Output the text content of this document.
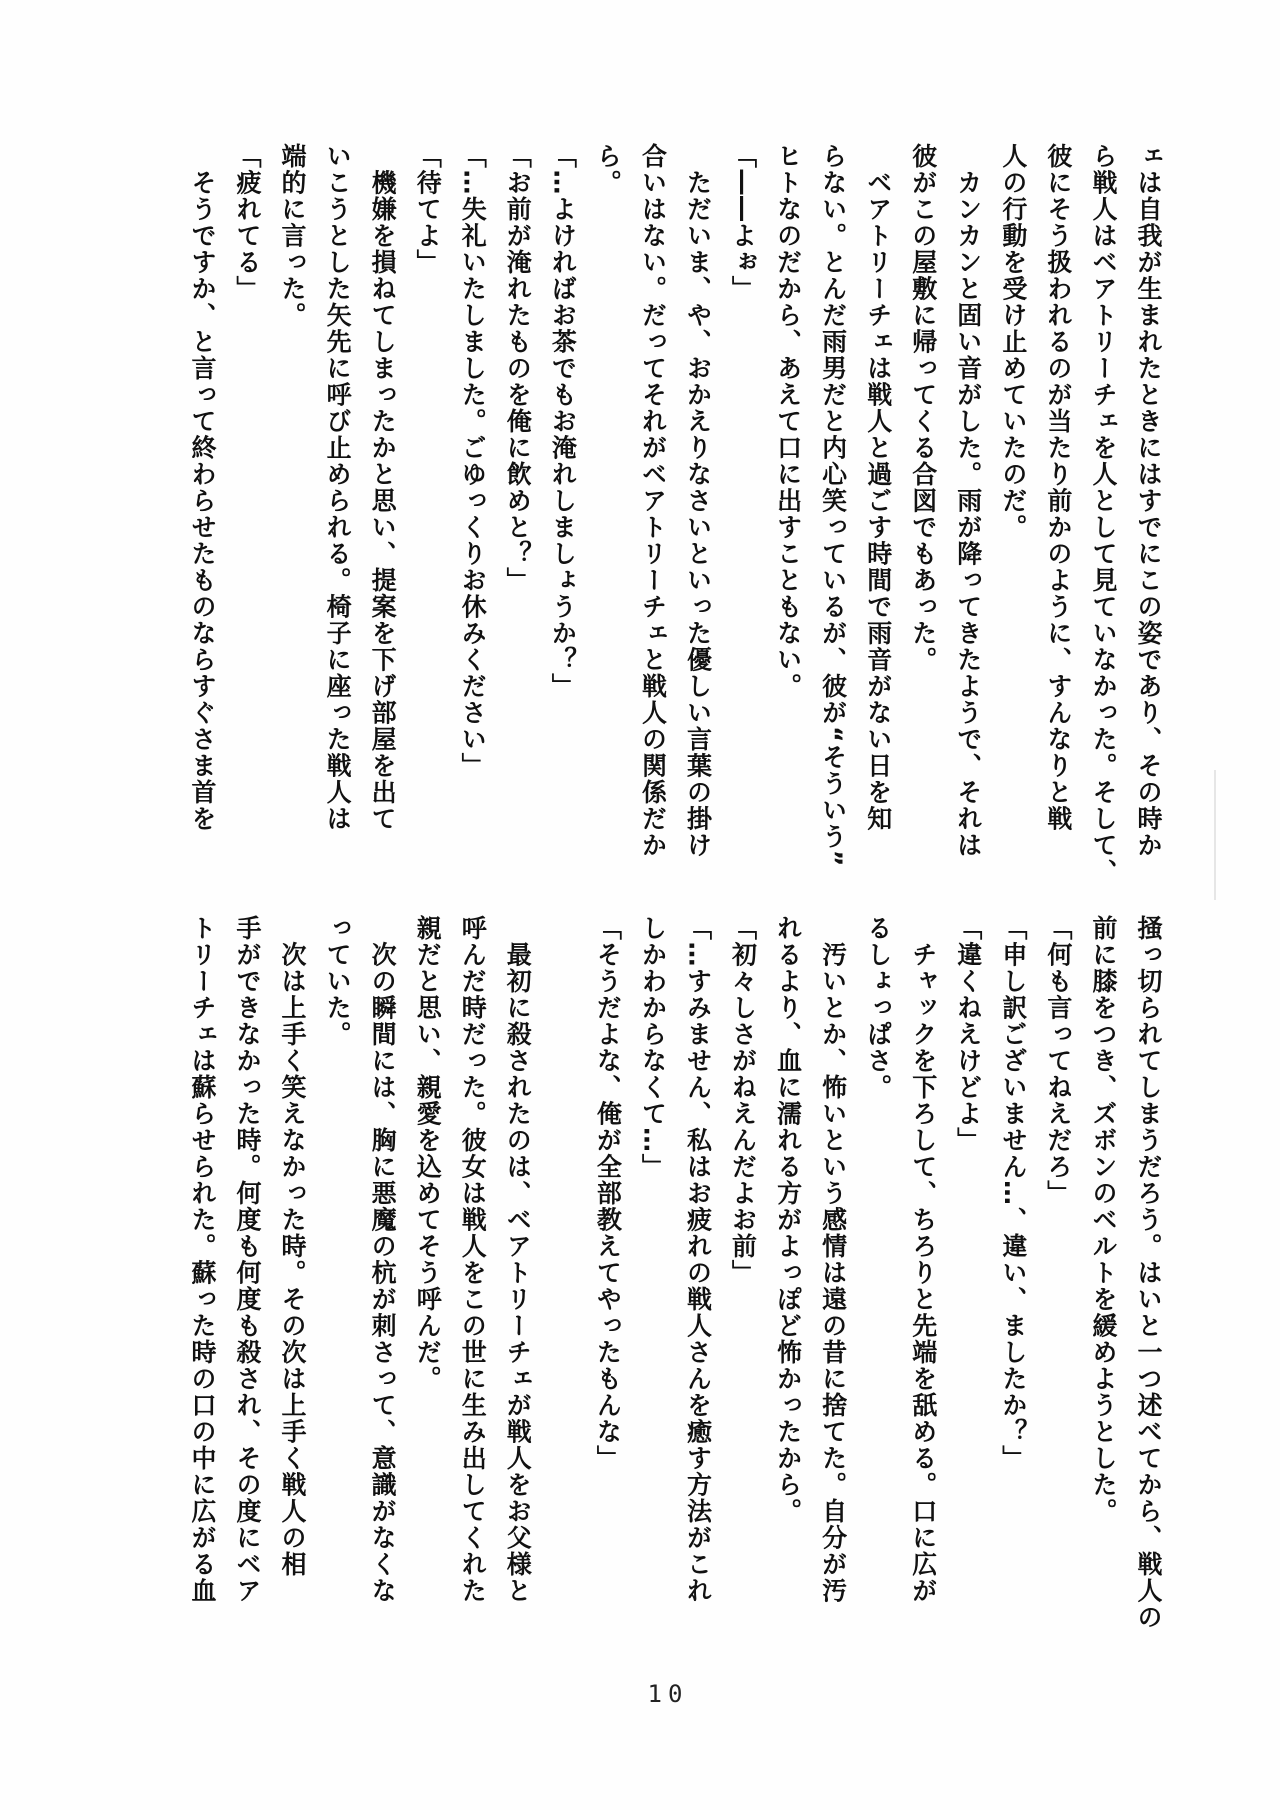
ェは自我が生まれたときにはすでにこの姿であり、その時か
ら戦人はベアトリーチェを人として見ていなかった。そして、
彼にそう扱われるのが当たり前かのように、すんなりと戦
人の行動を受け止めていたのだ。
　カンカンと固い音がした。雨が降ってきたようで、それは
彼がこの屋敷に帰ってくる合図でもあった。
　ベアトリーチェは戦人と過ごす時間で雨音がない日を知
らない。とんだ雨男だと内心笑っているが、彼が“そういう”
ヒトなのだから、あえて口に出すこともない。
「――よぉ」
　ただいま、や、おかえりなさいといった優しい言葉の掛け
合いはない。だってそれがベアトリーチェと戦人の関係だか
ら。
「…よければお茶でもお淹れしましょうか？」
「お前が淹れたものを俺に飲めと？」
「…失礼いたしました。ごゆっくりお休みください」
「待てよ」
　機嫌を損ねてしまったかと思い、提案を下げ部屋を出て
いこうとした矢先に呼び止められる。椅子に座った戦人は
端的に言った。
「疲れてる」
　そうですか、と言って終わらせたものならすぐさま首を
掻っ切られてしまうだろう。はいと一つ述べてから、戦人の
前に膝をつき、ズボンのベルトを緩めようとした。
「何も言ってねえだろ」
「申し訳ございません…、違い、ましたか？」
「違くねえけどよ」
　チャックを下ろして、ちろりと先端を舐める。口に広が
るしょっぱさ。
　汚いとか、怖いという感情は遠の昔に捨てた。自分が汚
れるより、血に濡れる方がよっぽど怖かったから。
「初々しさがねえんだよお前」
「…すみません、私はお疲れの戦人さんを癒す方法がこれ
しかわからなくて…」
「そうだよな、俺が全部教えてやったもんな」
　最初に殺されたのは、ベアトリーチェが戦人をお父様と
呼んだ時だった。彼女は戦人をこの世に生み出してくれた
親だと思い、親愛を込めてそう呼んだ。
　次の瞬間には、胸に悪魔の杭が刺さって、意識がなくな
っていた。
　次は上手く笑えなかった時。その次は上手く戦人の相
手ができなかった時。何度も何度も殺され、その度にベア
トリーチェは蘇らせられた。蘇った時の口の中に広がる血
10
